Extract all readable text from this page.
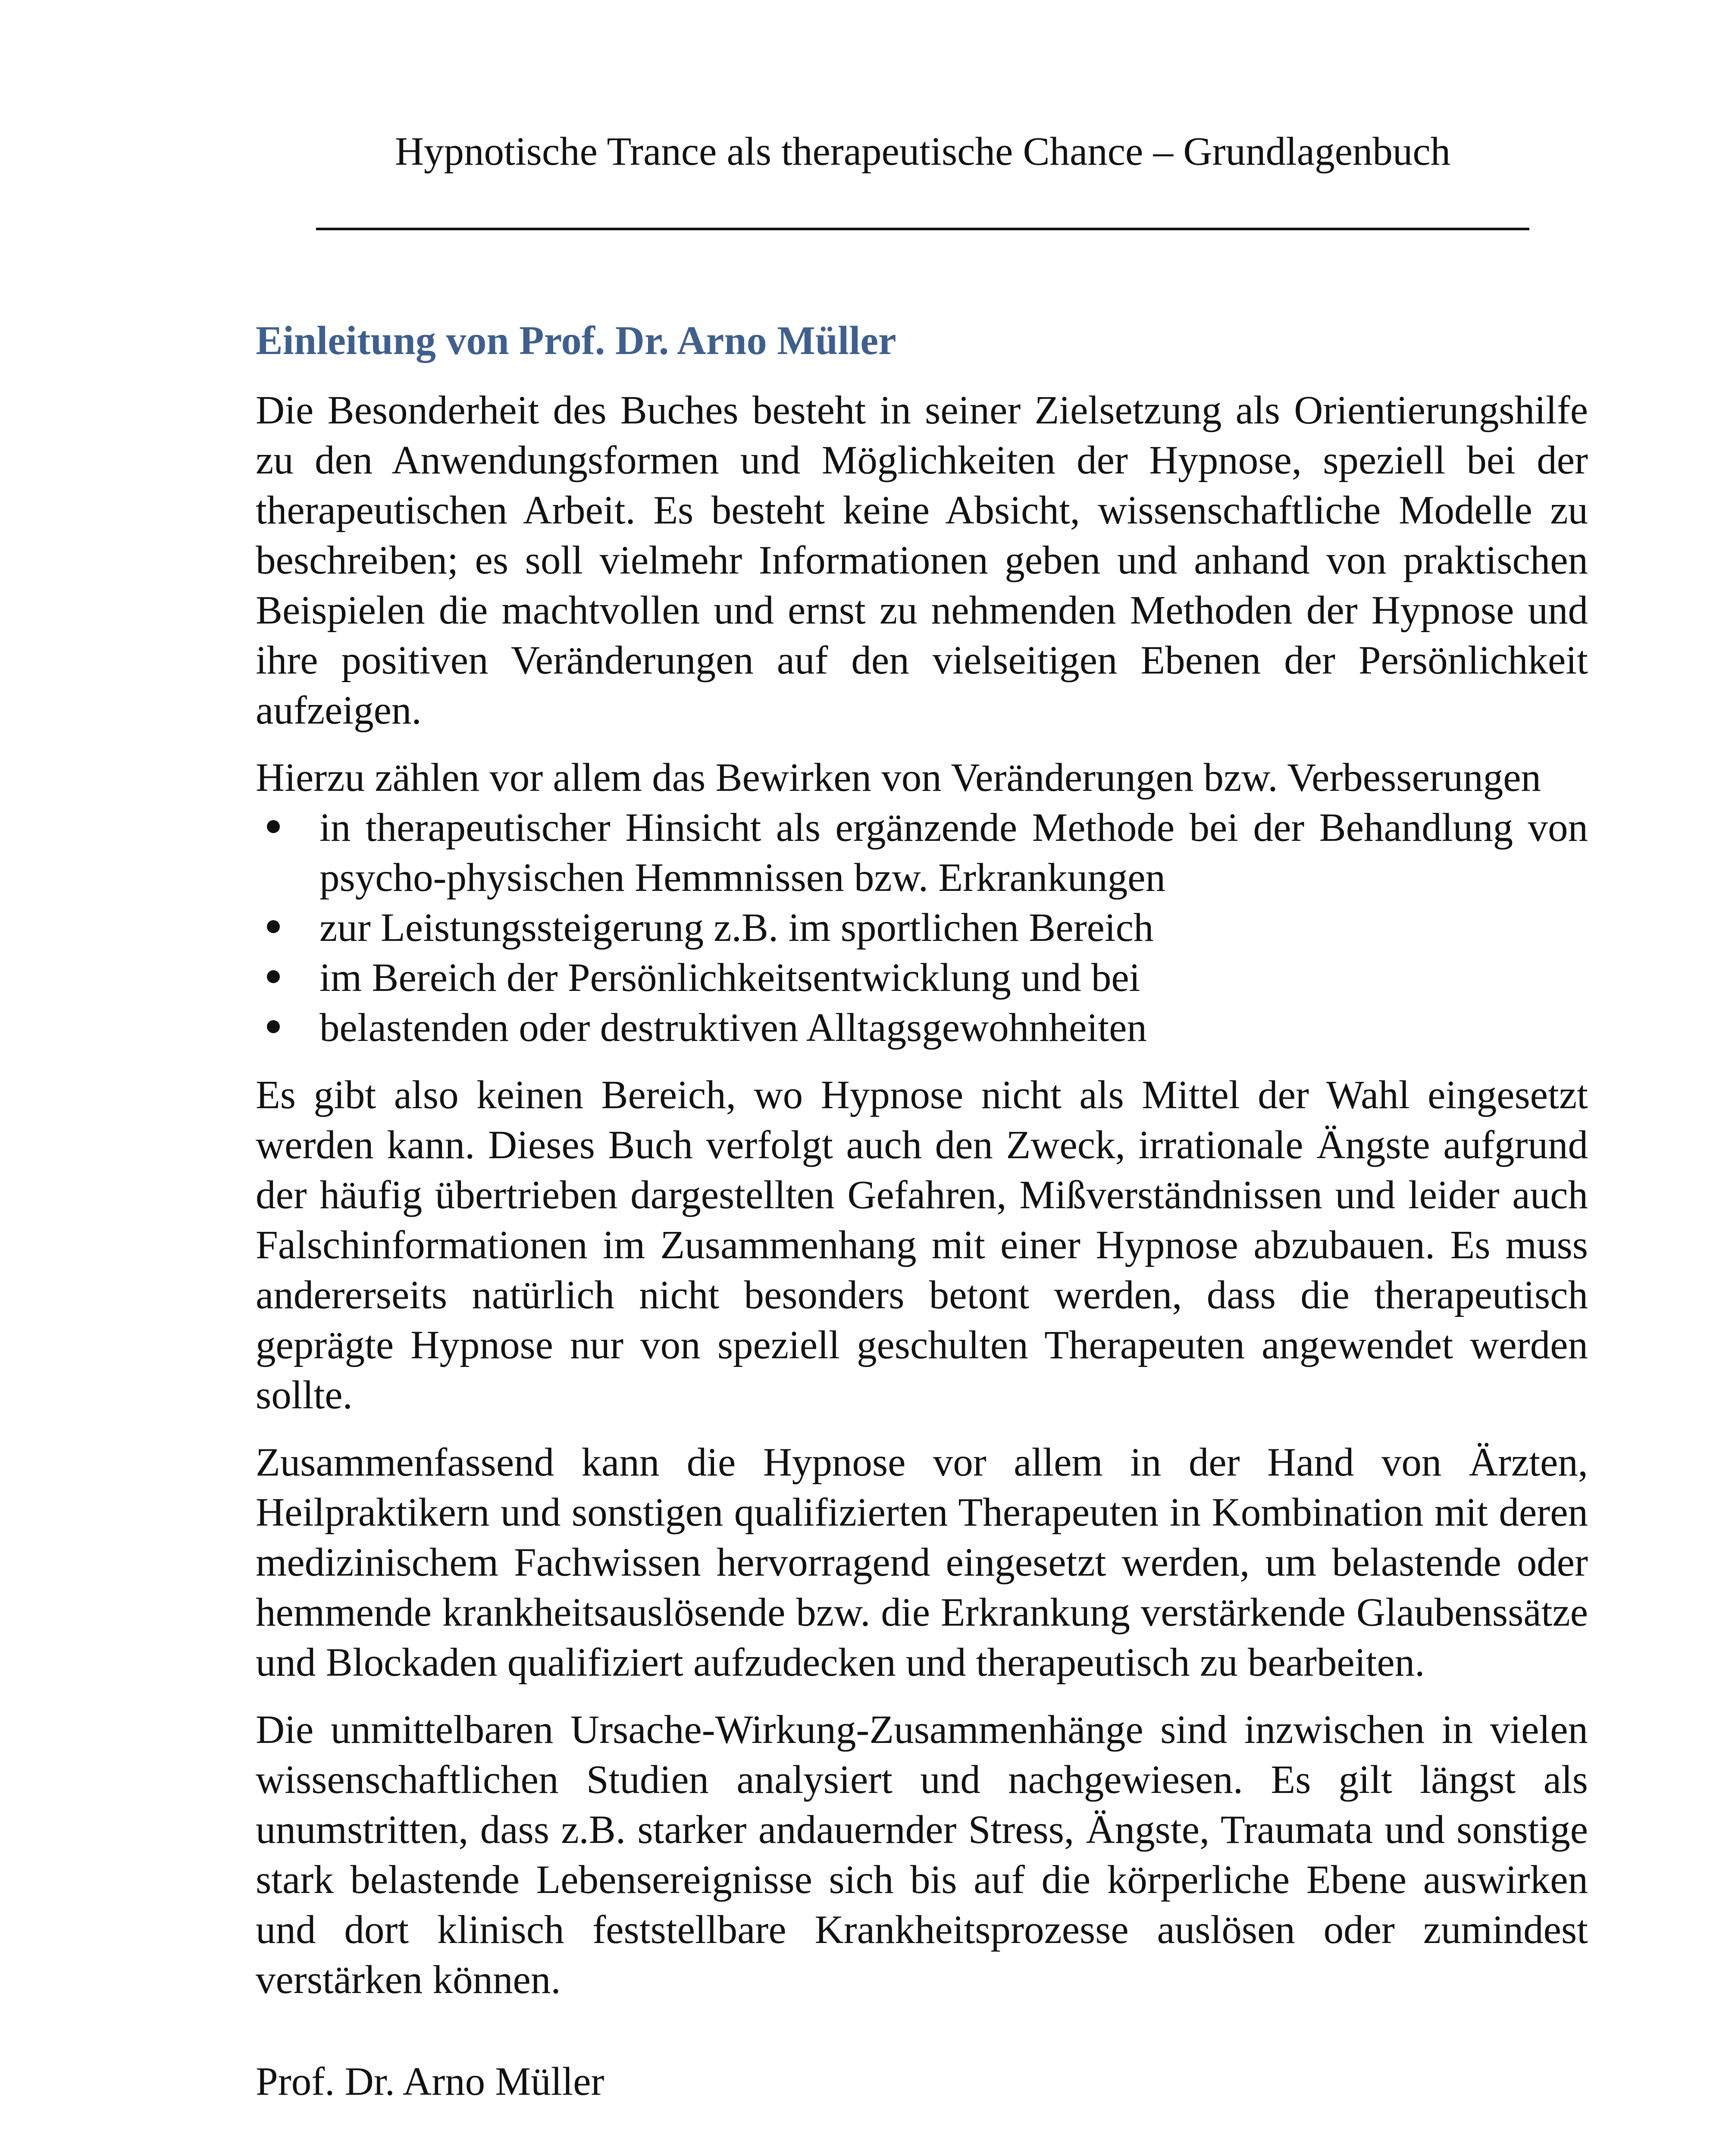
Hypnotische Trance als therapeutische Chance – Grundlagenbuch
Einleitung von Prof. Dr. Arno Müller

Die Besonderheit des Buches besteht in seiner Zielsetzung als Orientierungshilfe zu den Anwendungsformen und Möglichkeiten der Hypnose, speziell bei der therapeutischen Arbeit. Es besteht keine Absicht, wissenschaftliche Modelle zu beschreiben; es soll vielmehr Informationen geben und anhand von praktischen Beispielen die machtvollen und ernst zu nehmenden Methoden der Hypnose und ihre positiven Veränderungen auf den vielseitigen Ebenen der Persönlichkeit aufzeigen.

Hierzu zählen vor allem das Bewirken von Veränderungen bzw. Verbesserungen

in therapeutischer Hinsicht als ergänzende Methode bei der Behandlung von psycho-physischen Hemmnissen bzw. Erkrankungen
zur Leistungssteigerung z.B. im sportlichen Bereich
im Bereich der Persönlichkeitsentwicklung und bei
belastenden oder destruktiven Alltagsgewohnheiten

Es gibt also keinen Bereich, wo Hypnose nicht als Mittel der Wahl eingesetzt werden kann. Dieses Buch verfolgt auch den Zweck, irrationale Ängste aufgrund der häufig übertrieben dargestellten Gefahren, Mißverständnissen und leider auch Falschinformationen im Zusammenhang mit einer Hypnose abzubauen. Es muss andererseits natürlich nicht besonders betont werden, dass die therapeutisch geprägte Hypnose nur von speziell geschulten Therapeuten angewendet werden sollte.

Zusammenfassend kann die Hypnose vor allem in der Hand von Ärzten, Heilpraktikern und sonstigen qualifizierten Therapeuten in Kombination mit deren medizinischem Fachwissen hervorragend eingesetzt werden, um belastende oder hemmende krankheitsauslösende bzw. die Erkrankung verstärkende Glaubenssätze und Blockaden qualifiziert aufzudecken und therapeutisch zu bearbeiten.

Die unmittelbaren Ursache-Wirkung-Zusammenhänge sind inzwischen in vielen wissenschaftlichen Studien analysiert und nachgewiesen. Es gilt längst als unumstritten, dass z.B. starker andauernder Stress, Ängste, Traumata und sonstige stark belastende Lebensereignisse sich bis auf die körperliche Ebene auswirken und dort klinisch feststellbare Krankheitsprozesse auslösen oder zumindest verstärken können.

Prof. Dr. Arno Müller
